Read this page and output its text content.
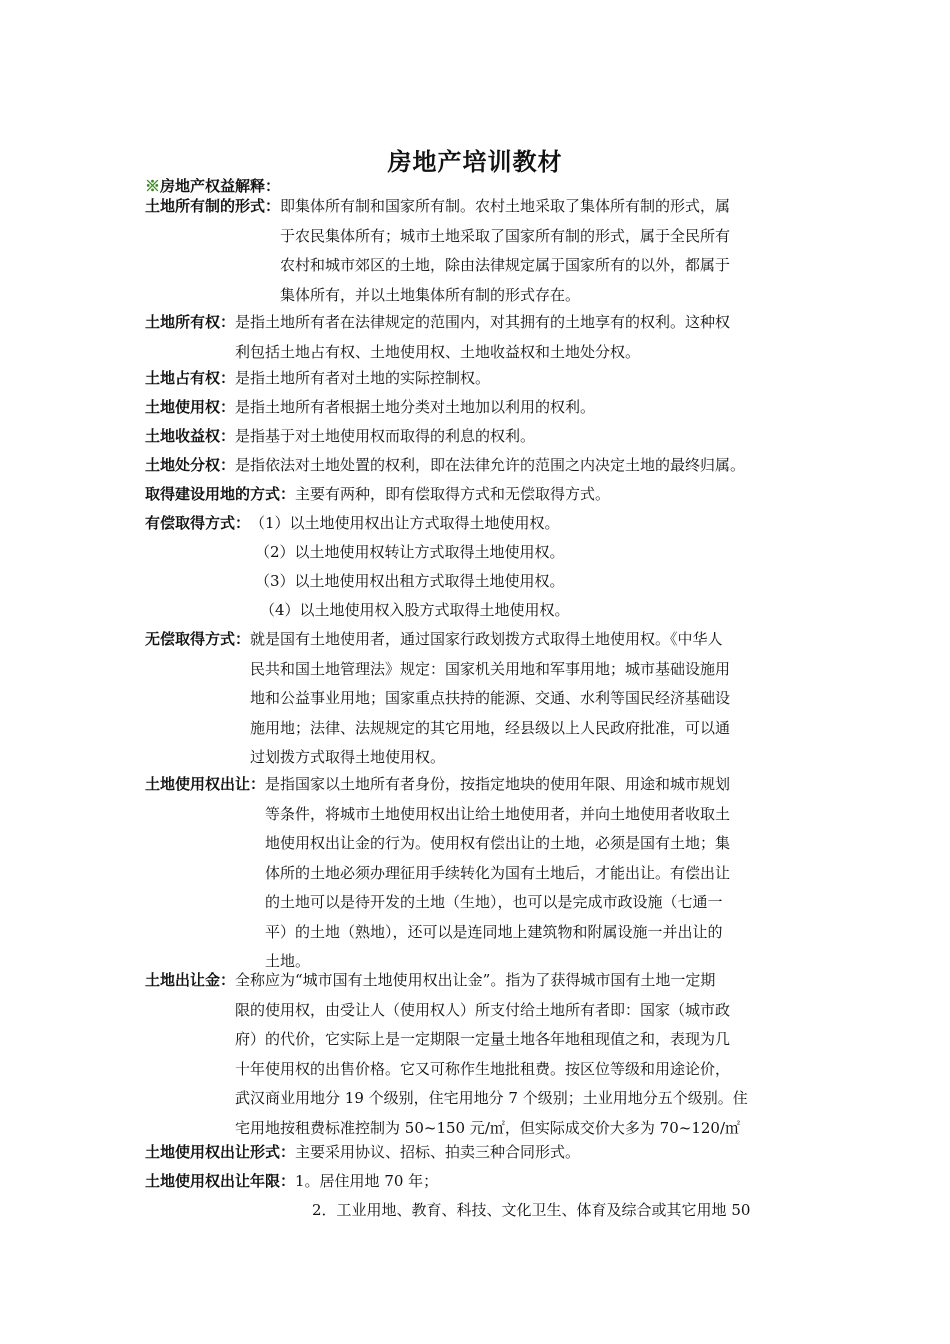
房地产培训教材
※房地产权益解释：
土地所有制的形式： 即集体所有制和国家所有制。农村土地采取了集体所有制的形式，属
于农民集体所有；城市土地采取了国家所有制的形式，属于全民所有
农村和城市郊区的土地，除由法律规定属于国家所有的以外，都属于
集体所有，并以土地集体所有制的形式存在。
土地所有权： 是指土地所有者在法律规定的范围内，对其拥有的土地享有的权利。这种权
利包括土地占有权、土地使用权、土地收益权和土地处分权。
土地占有权： 是指土地所有者对土地的实际控制权。
土地使用权： 是指土地所有者根据土地分类对土地加以利用的权利。
土地收益权： 是指基于对土地使用权而取得的利息的权利。
土地处分权： 是指依法对土地处置的权利，即在法律允许的范围之内决定土地的最终归属。
取得建设用地的方式： 主要有两种，即有偿取得方式和无偿取得方式。
有偿取得方式： （1）以土地使用权出让方式取得土地使用权。
（2）以土地使用权转让方式取得土地使用权。
（3）以土地使用权出租方式取得土地使用权。
（4）以土地使用权入股方式取得土地使用权。
无偿取得方式： 就是国有土地使用者，通过国家行政划拨方式取得土地使用权。《中华人
民共和国土地管理法》规定：国家机关用地和军事用地；城市基础设施用
地和公益事业用地；国家重点扶持的能源、交通、水利等国民经济基础设
施用地；法律、法规规定的其它用地，经县级以上人民政府批准，可以通
过划拨方式取得土地使用权。
土地使用权出让： 是指国家以土地所有者身份，按指定地块的使用年限、用途和城市规划
等条件，将城市土地使用权出让给土地使用者，并向土地使用者收取土
地使用权出让金的行为。使用权有偿出让的土地，必须是国有土地；集
体所的土地必须办理征用手续转化为国有土地后，才能出让。有偿出让
的土地可以是待开发的土地（生地），也可以是完成市政设施（七通一
平）的土地（熟地），还可以是连同地上建筑物和附属设施一并出让的
土地。
土地出让金： 全称应为“城市国有土地使用权出让金”。指为了获得城市国有土地一定期
限的使用权，由受让人（使用权人）所支付给土地所有者即：国家（城市政
府）的代价，它实际上是一定期限一定量土地各年地租现值之和，表现为几
十年使用权的出售价格。它又可称作生地批租费。按区位等级和用途论价，
武汉商业用地分 19 个级别，住宅用地分 7 个级别；土业用地分五个级别。住
宅用地按租费标准控制为 50~150 元/㎡，但实际成交价大多为 70~120/㎡
土地使用权出让形式： 主要采用协议、招标、拍卖三种合同形式。
土地使用权出让年限： 1。居住用地 70 年；
2．工业用地、教育、科技、文化卫生、体育及综合或其它用地 50
